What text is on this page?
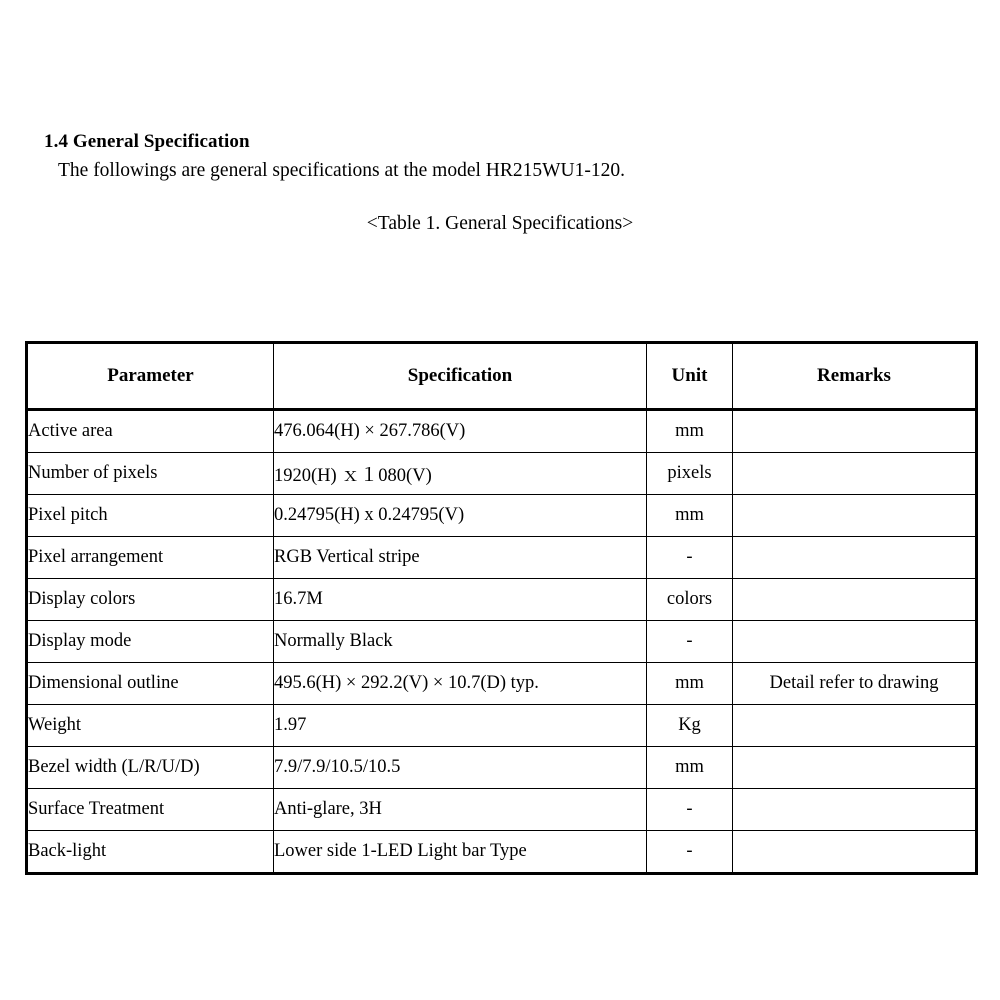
1.4 General Specification
The followings are general specifications at the model HR215WU1-120.
<Table 1. General Specifications>
Parameter	Specification	Unit	Remarks
Active area	476.064(H) × 267.786(V)	mm	
Number of pixels	1920(H) ｘ１080(V)	pixels	
Pixel pitch	0.24795(H) x 0.24795(V)	mm	
Pixel arrangement	RGB Vertical stripe	-	
Display colors	16.7M	colors	
Display mode	Normally Black	-	
Dimensional outline	495.6(H) × 292.2(V) × 10.7(D) typ.	mm	Detail refer to drawing
Weight	1.97	Kg	
Bezel width (L/R/U/D)	7.9/7.9/10.5/10.5	mm	
Surface Treatment	Anti-glare, 3H	-	
Back-light	Lower side 1-LED Light bar Type	-	
